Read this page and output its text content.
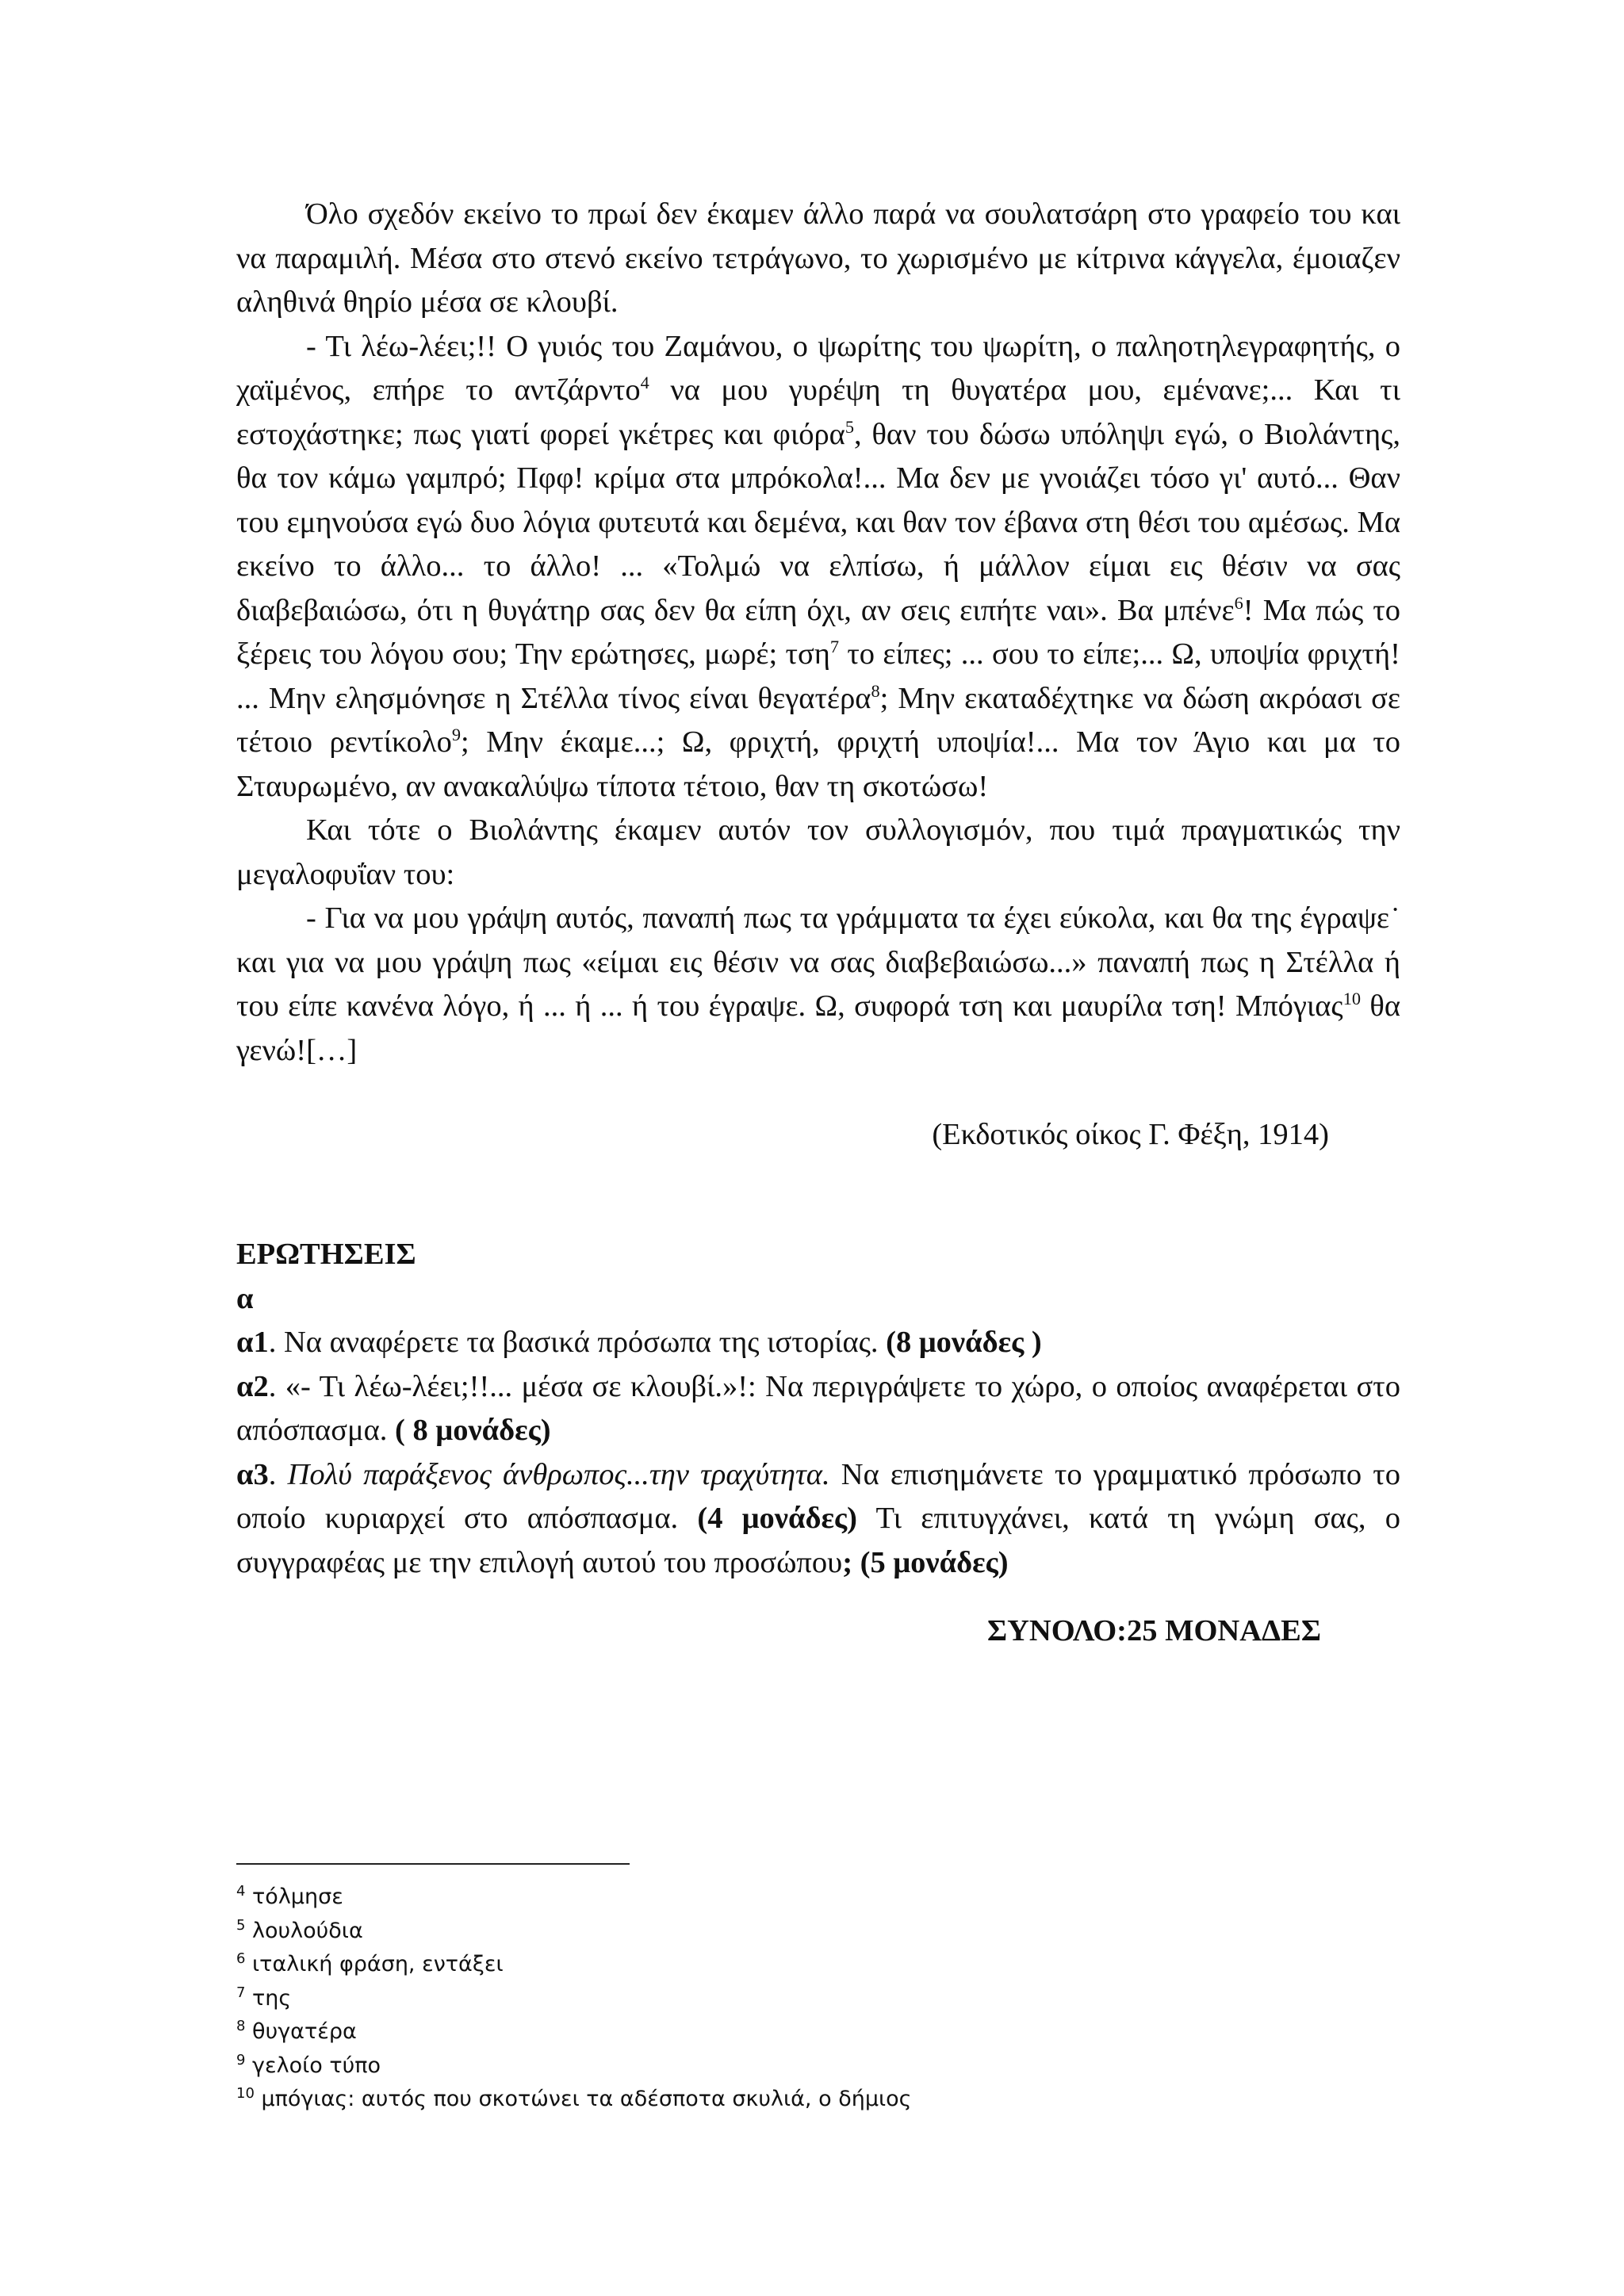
Όλο σχεδόν εκείνο το πρωί δεν έκαμεν άλλο παρά να σουλατσάρη στο γραφείο του και να παραμιλή. Μέσα στο στενό εκείνο τετράγωνο, το χωρισμένο με κίτρινα κάγγελα, έμοιαζεν αληθινά θηρίο μέσα σε κλουβί.

- Τι λέω-λέει;!! Ο γυιός του Ζαμάνου, ο ψωρίτης του ψωρίτη, ο παληοτηλεγραφητής, ο χαϊμένος, επήρε το αντζάρντο$^4$ να μου γυρέψη τη θυγατέρα μου, εμένανε;... Και τι εστοχάστηκε; πως γιατί φορεί γκέτρες και φιόρα$^5$, θαν του δώσω υπόληψι εγώ, ο Βιολάντης, θα τον κάμω γαμπρό; Πφφ! κρίμα στα μπρόκολα!... Μα δεν με γνοιάζει τόσο γι' αυτό... Θαν του εμηνούσα εγώ δυο λόγια φυτευτά και δεμένα, και θαν τον έβανα στη θέσι του αμέσως. Μα εκείνο το άλλο... το άλλο! ... «Τολμώ να ελπίσω, ή μάλλον είμαι εις θέσιν να σας διαβεβαιώσω, ότι η θυγάτηρ σας δεν θα είπη όχι, αν σεις ειπήτε ναι». Βα μπένε$^6$! Μα πώς το ξέρεις του λόγου σου; Την ερώτησες, μωρέ; τση$^7$ το είπες; ... σου το είπε;... Ω, υποψία φριχτή! ... Μην ελησμόνησε η Στέλλα τίνος είναι θεγατέρα$^8$; Μην εκαταδέχτηκε να δώση ακρόασι σε τέτοιο ρεντίκολο$^9$; Μην έκαμε...; Ω, φριχτή, φριχτή υποψία!... Μα τον Άγιο και μα το Σταυρωμένο, αν ανακαλύψω τίποτα τέτοιο, θαν τη σκοτώσω!

Και τότε ο Βιολάντης έκαμεν αυτόν τον συλλογισμόν, που τιμά πραγματικώς την μεγαλοφυΐαν του:

- Για να μου γράψη αυτός, παναπή πως τα γράμματα τα έχει εύκολα, και θα της έγραψε˙ και για να μου γράψη πως «είμαι εις θέσιν να σας διαβεβαιώσω...» παναπή πως η Στέλλα ή του είπε κανένα λόγο, ή ... ή ... ή του έγραψε. Ω, συφορά τση και μαυρίλα τση! Μπόγιας$^{10}$ θα γενώ![…]

(Εκδοτικός οίκος Γ. Φέξη, 1914)

ΕΡΩΤΗΣΕΙΣ

α

α1. Να αναφέρετε τα βασικά πρόσωπα της ιστορίας. (8 μονάδες )

α2. «- Τι λέω-λέει;!!... μέσα σε κλουβί.»!: Να περιγράψετε το χώρο, ο οποίος αναφέρεται στο απόσπασμα. ( 8 μονάδες)

α3. Πολύ παράξενος άνθρωπος...την τραχύτητα. Να επισημάνετε το γραμματικό πρόσωπο το οποίο κυριαρχεί στο απόσπασμα. (4 μονάδες) Τι επιτυγχάνει, κατά τη γνώμη σας, ο συγγραφέας με την επιλογή αυτού του προσώπου; (5 μονάδες)

ΣΥΝΟΛΟ:25 ΜΟΝΑΔΕΣ
$^4$ τόλμησε
$^5$ λουλούδια
$^6$ ιταλική φράση, εντάξει
$^7$ της
$^8$ θυγατέρα
$^9$ γελοίο τύπο
$^{10}$ μπόγιας: αυτός που σκοτώνει τα αδέσποτα σκυλιά, ο δήμιος
